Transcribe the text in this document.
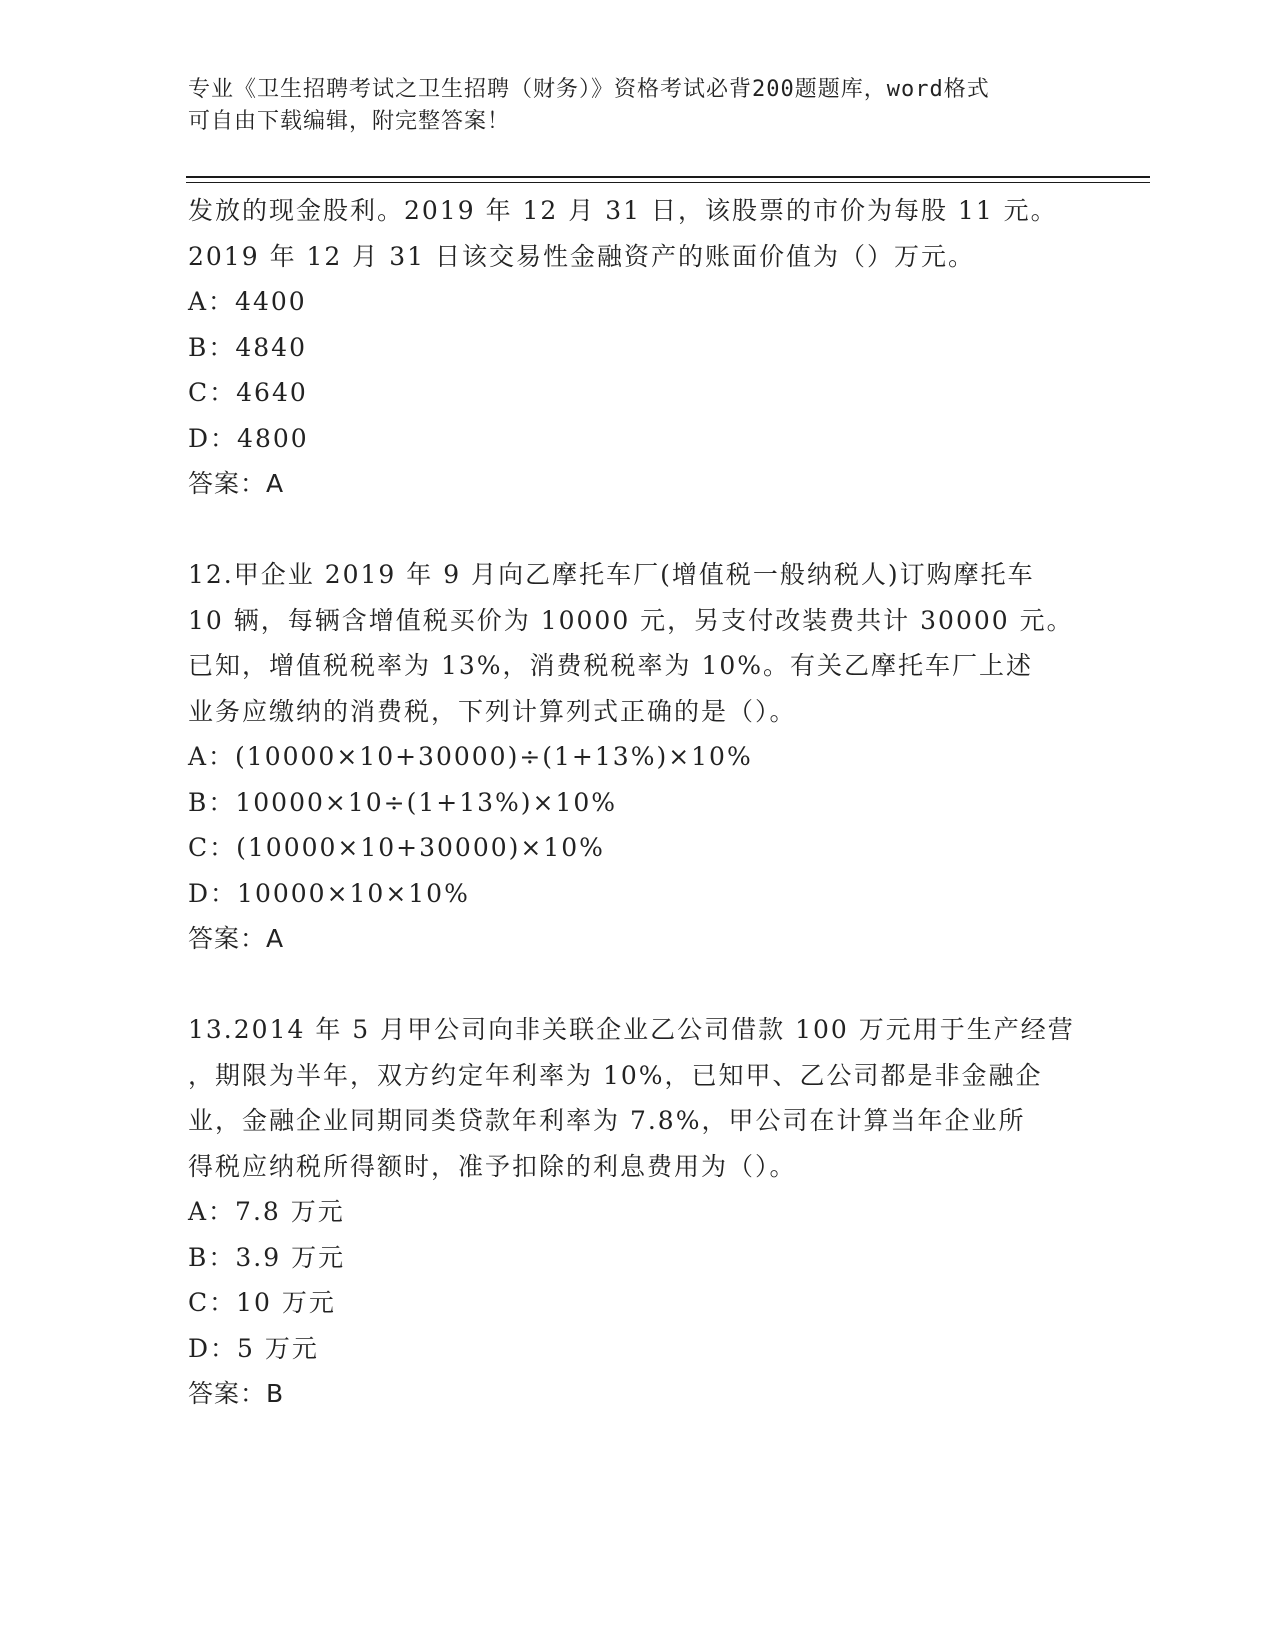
专业《卫生招聘考试之卫生招聘（财务）》资格考试必背200题题库，word格式
可自由下载编辑，附完整答案！
发放的现金股利。2019 年 12 月 31 日，该股票的市价为每股 11 元。
2019 年 12 月 31 日该交易性金融资产的账面价值为（）万元。
A：4400
B：4840
C：4640
D：4800
答案：A
12.甲企业 2019 年 9 月向乙摩托车厂(增值税一般纳税人)订购摩托车
10 辆，每辆含增值税买价为 10000 元，另支付改装费共计 30000 元。
已知，增值税税率为 13%，消费税税率为 10%。有关乙摩托车厂上述
业务应缴纳的消费税，下列计算列式正确的是（）。
A：(10000×10+30000)÷(1+13%)×10%
B：10000×10÷(1+13%)×10%
C：(10000×10+30000)×10%
D：10000×10×10%
答案：A
13.2014 年 5 月甲公司向非关联企业乙公司借款 100 万元用于生产经营
，期限为半年，双方约定年利率为 10%，已知甲、乙公司都是非金融企
业，金融企业同期同类贷款年利率为 7.8%，甲公司在计算当年企业所
得税应纳税所得额时，准予扣除的利息费用为（）。
A：7.8 万元
B：3.9 万元
C：10 万元
D：5 万元
答案：B
